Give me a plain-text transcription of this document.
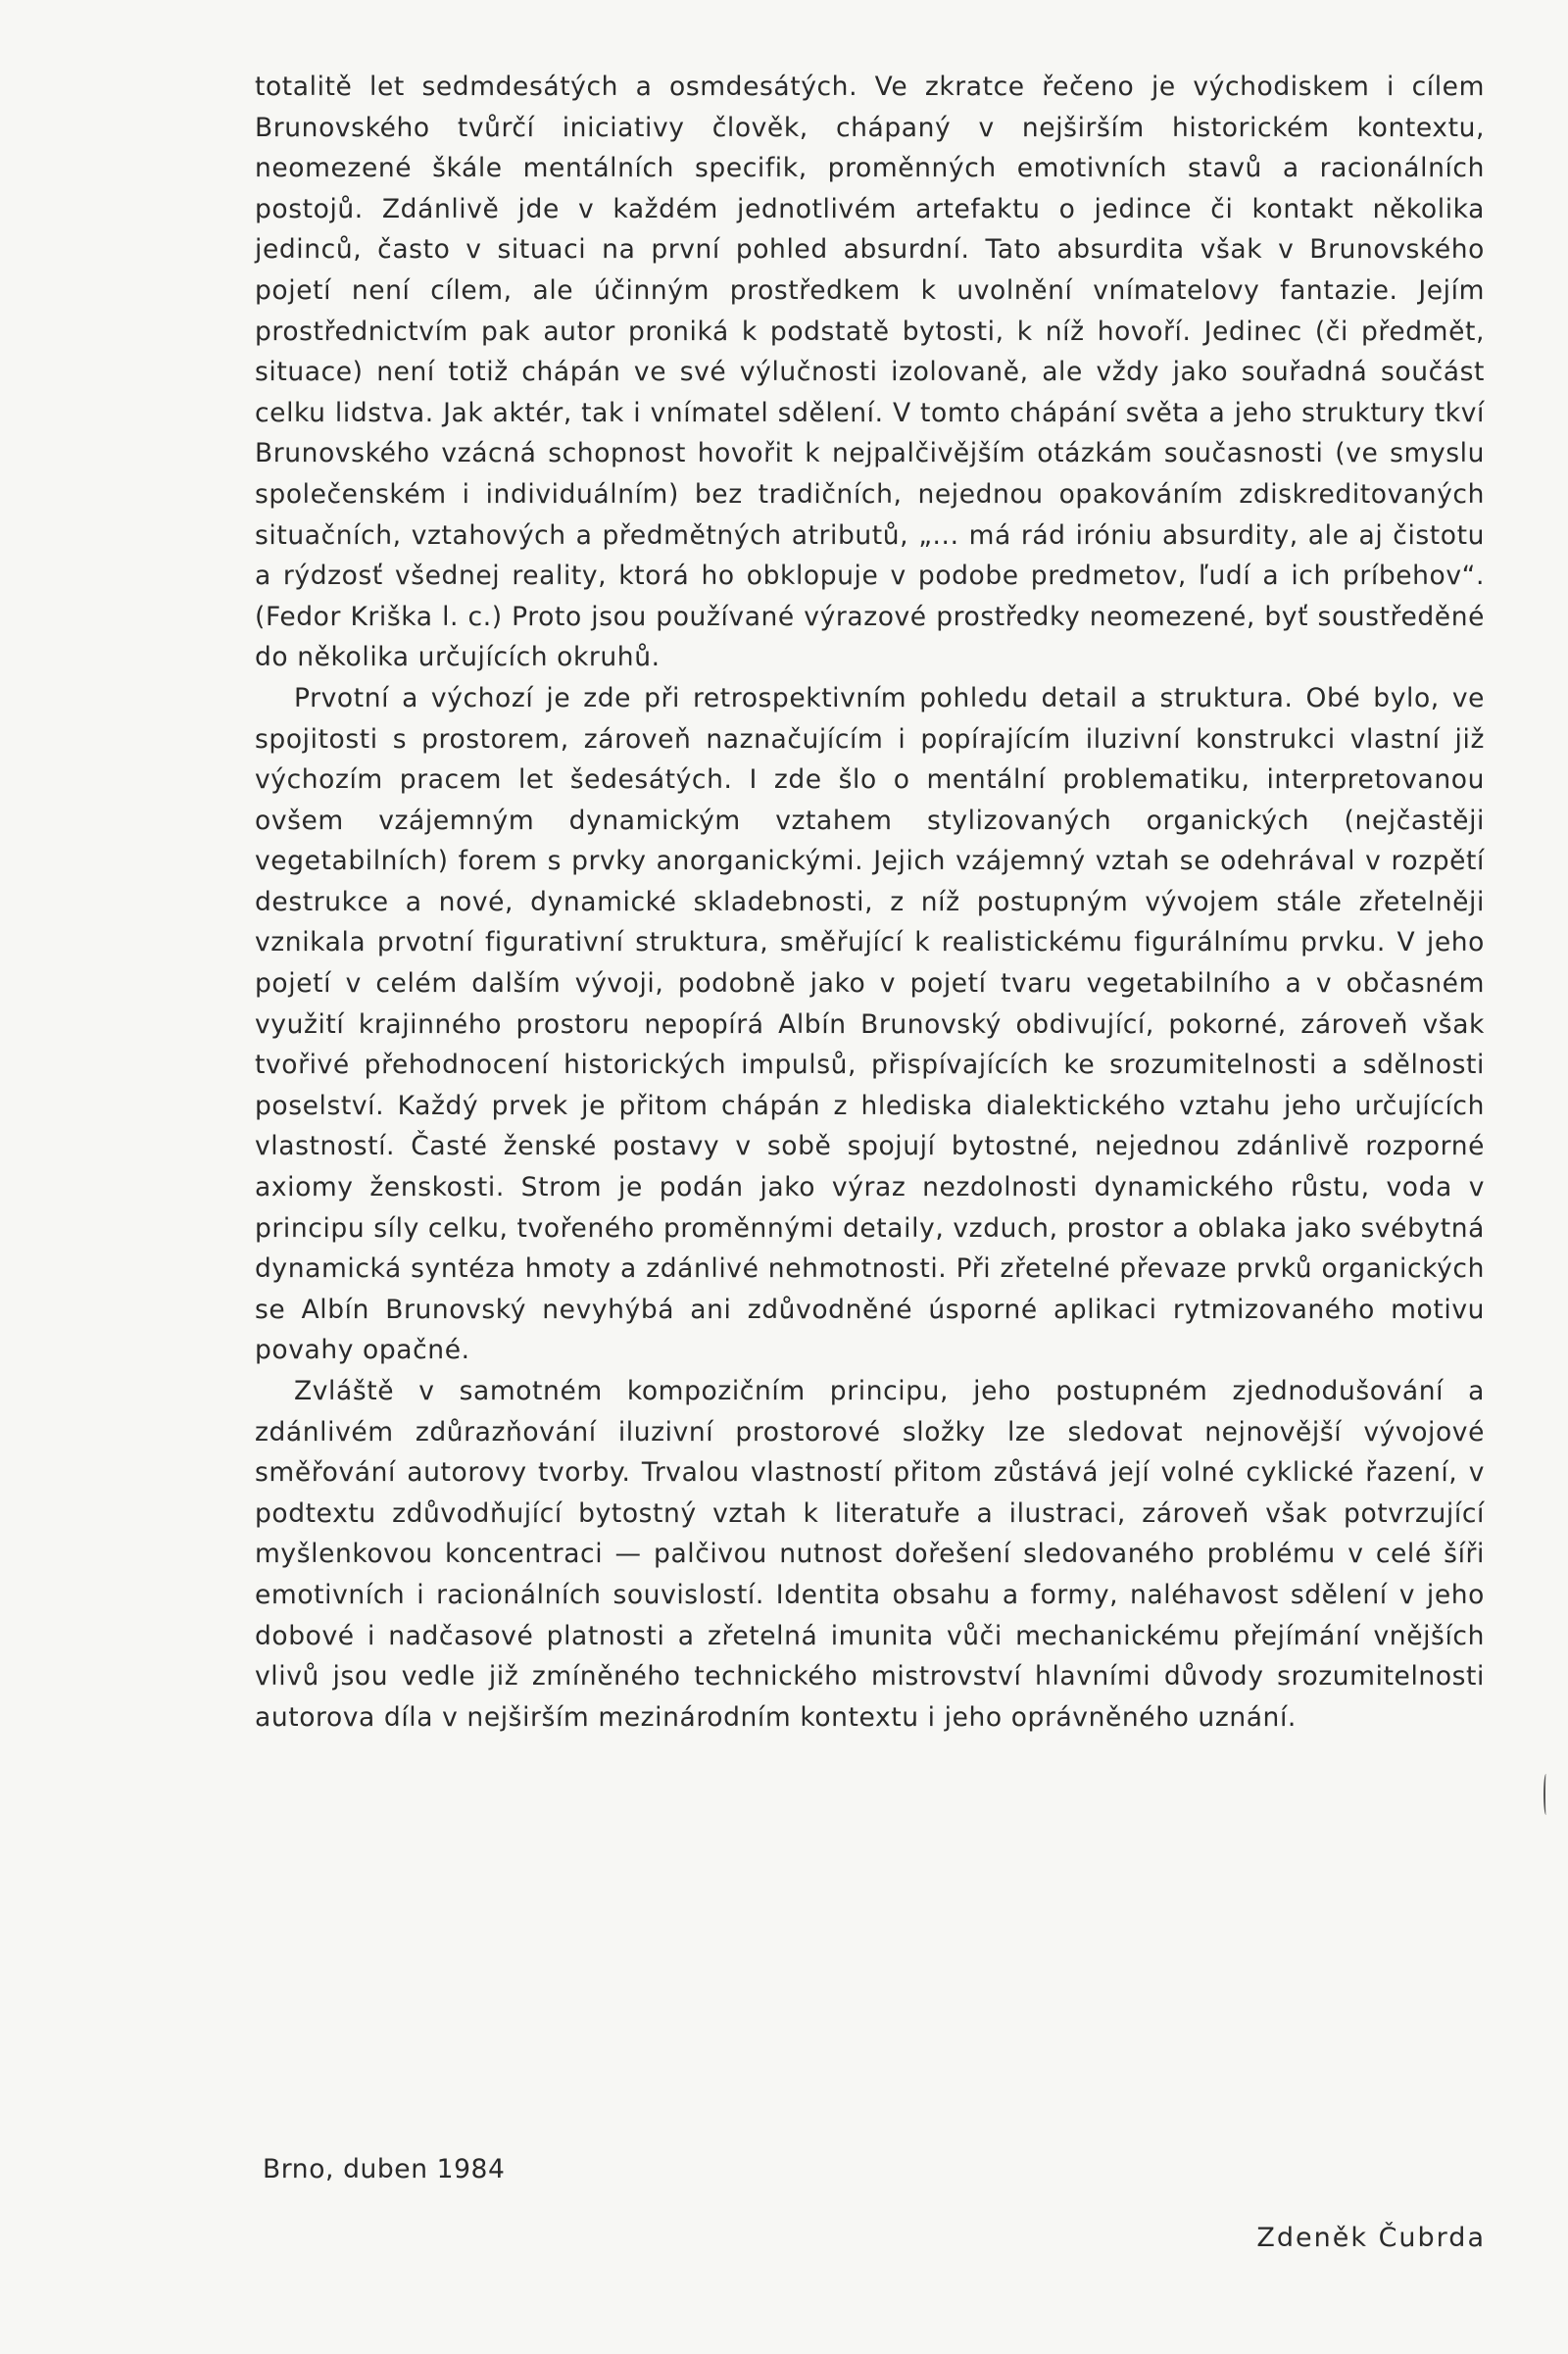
totalitě let sedmdesátých a osmdesátých. Ve zkratce řečeno je východiskem i cílem Brunovského tvůrčí iniciativy člověk, chápaný v nejširším historickém kontextu, neomezené škále mentálních specifik, proměnných emotivních stavů a racionálních postojů. Zdánlivě jde v každém jednotlivém artefaktu o jedince či kontakt několika jedinců, často v situaci na první pohled absurdní. Tato absurdita však v Brunovského pojetí není cílem, ale účinným prostředkem k uvolnění vnímatelovy fantazie. Jejím prostřednictvím pak autor proniká k podstatě bytosti, k níž hovoří. Jedinec (či předmět, situace) není totiž chápán ve své výlučnosti izolovaně, ale vždy jako souřadná součást celku lidstva. Jak aktér, tak i vnímatel sdělení. V tomto chápání světa a jeho struktury tkví Brunovského vzácná schopnost hovořit k nejpalčivějším otázkám současnosti (ve smyslu společenském i individuálním) bez tradičních, nejednou opakováním zdiskreditovaných situačních, vztahových a předmětných atributů, „... má rád iróniu absurdity, ale aj čistotu a rýdzosť všednej reality, ktorá ho obklopuje v podobe predmetov, ľudí a ich príbehov“. (Fedor Kriška l. c.) Proto jsou používané výrazové prostředky neomezené, byť soustředěné do několika určujících okruhů.

Prvotní a výchozí je zde při retrospektivním pohledu detail a struktura. Obé bylo, ve spojitosti s prostorem, zároveň naznačujícím i popírajícím iluzivní konstrukci vlastní již výchozím pracem let šedesátých. I zde šlo o mentální problematiku, interpretovanou ovšem vzájemným dynamickým vztahem stylizovaných organických (nejčastěji vegetabilních) forem s prvky anorganickými. Jejich vzájemný vztah se odehrával v rozpětí destrukce a nové, dynamické skladebnosti, z níž postupným vývojem stále zřetelněji vznikala prvotní figurativní struktura, směřující k realistickému figurálnímu prvku. V jeho pojetí v celém dalším vývoji, podobně jako v pojetí tvaru vegetabilního a v občasném využití krajinného prostoru nepopírá Albín Brunovský obdivující, pokorné, zároveň však tvořivé přehodnocení historických impulsů, přispívajících ke srozumitelnosti a sdělnosti poselství. Každý prvek je přitom chápán z hlediska dialektického vztahu jeho určujících vlastností. Časté ženské postavy v sobě spojují bytostné, nejednou zdánlivě rozporné axiomy ženskosti. Strom je podán jako výraz nezdolnosti dynamického růstu, voda v principu síly celku, tvořeného proměnnými detaily, vzduch, prostor a oblaka jako svébytná dynamická syntéza hmoty a zdánlivé nehmotnosti. Při zřetelné převaze prvků organických se Albín Brunovský nevyhýbá ani zdůvodněné úsporné aplikaci rytmizovaného motivu povahy opačné.

Zvláště v samotném kompozičním principu, jeho postupném zjednodušování a zdánlivém zdůrazňování iluzivní prostorové složky lze sledovat nejnovější vývojové směřování autorovy tvorby. Trvalou vlastností přitom zůstává její volné cyklické řazení, v podtextu zdůvodňující bytostný vztah k literatuře a ilustraci, zároveň však potvrzující myšlenkovou koncentraci — palčivou nutnost dořešení sledovaného problému v celé šíři emotivních i racionálních souvislostí. Identita obsahu a formy, naléhavost sdělení v jeho dobové i nadčasové platnosti a zřetelná imunita vůči mechanickému přejímání vnějších vlivů jsou vedle již zmíněného technického mistrovství hlavními důvody srozumitelnosti autorova díla v nejširším mezinárodním kontextu i jeho oprávněného uznání.

Brno, duben 1984
Zdeněk Čubrda
